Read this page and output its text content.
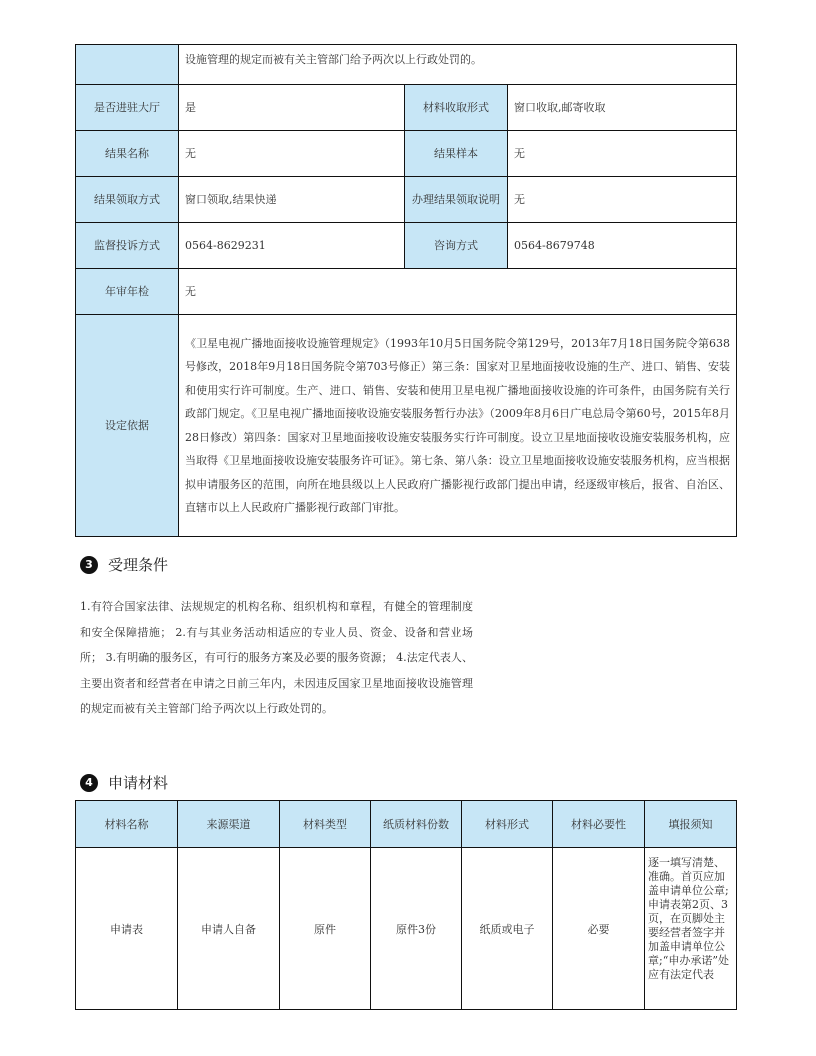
	设施管理的规定而被有关主管部门给予两次以上行政处罚的。		
是否进驻大厅	是	材料收取形式	窗口收取,邮寄收取
结果名称	无	结果样本	无
结果领取方式	窗口领取,结果快递	办理结果领取说明	无
监督投诉方式	0564-8629231	咨询方式	0564-8679748
年审年检	无		
设定依据	《卫星电视广播地面接收设施管理规定》（1993年10月5日国务院令第129号，2013年7月18日国务院令第638号修改，2018年9月18日国务院令第703号修正）第三条：国家对卫星地面接收设施的生产、进口、销售、安装和使用实行许可制度。生产、进口、销售、安装和使用卫星电视广播地面接收设施的许可条件，由国务院有关行政部门规定。《卫星电视广播地面接收设施安装服务暂行办法》（2009年8月6日广电总局令第60号，2015年8月28日修改）第四条：国家对卫星地面接收设施安装服务实行许可制度。设立卫星地面接收设施安装服务机构，应当取得《卫星地面接收设施安装服务许可证》。第七条、第八条：设立卫星地面接收设施安装服务机构，应当根据拟申请服务区的范围，向所在地县级以上人民政府广播影视行政部门提出申请，经逐级审核后，报省、自治区、直辖市以上人民政府广播影视行政部门审批。		
3	受理条件
1.有符合国家法律、法规规定的机构名称、组织机构和章程，有健全的管理制度和安全保障措施； 2.有与其业务活动相适应的专业人员、资金、设备和营业场所； 3.有明确的服务区，有可行的服务方案及必要的服务资源； 4.法定代表人、主要出资者和经营者在申请之日前三年内，未因违反国家卫星地面接收设施管理的规定而被有关主管部门给予两次以上行政处罚的。
4	申请材料
材料名称	来源渠道	材料类型	纸质材料份数	材料形式	材料必要性	填报须知
申请表	申请人自备	原件	原件3份	纸质或电子	必要	逐一填写清楚、准确。首页应加盖申请单位公章;申请表第2页、3页，在页脚处主要经营者签字并加盖申请单位公章;“申办承诺”处应有法定代表
